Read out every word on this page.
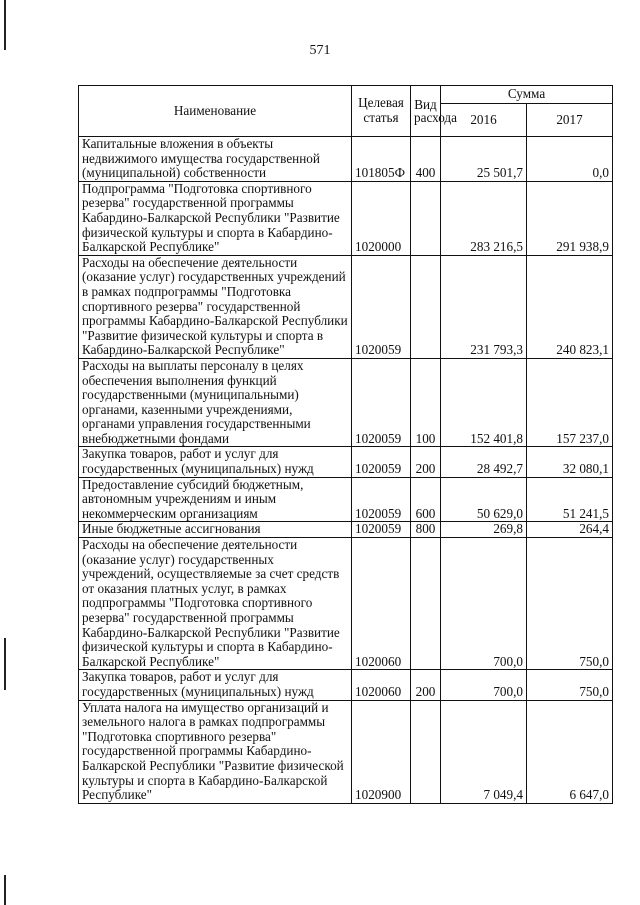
571
Наименование	Целевая статья	Вид расхода	Сумма	
			2016	2017
Капитальные вложения в объекты недвижимого имущества государственной (муниципальной) собственности	101805Ф	400	25 501,7	0,0
Подпрограмма "Подготовка спортивного резерва" государственной программы Кабардино-Балкарской Республики "Развитие физической культуры и спорта в Кабардино-Балкарской Республике"	1020000		283 216,5	291 938,9
Расходы на обеспечение деятельности (оказание услуг) государственных учреждений в рамках подпрограммы "Подготовка спортивного резерва" государственной программы Кабардино-Балкарской Республики "Развитие физической культуры и спорта в Кабардино-Балкарской Республике"	1020059		231 793,3	240 823,1
Расходы на выплаты персоналу в целях обеспечения выполнения функций государственными (муниципальными) органами, казенными учреждениями, органами управления государственными внебюджетными фондами	1020059	100	152 401,8	157 237,0
Закупка товаров, работ и услуг для государственных (муниципальных) нужд	1020059	200	28 492,7	32 080,1
Предоставление субсидий бюджетным, автономным учреждениям и иным некоммерческим организациям	1020059	600	50 629,0	51 241,5
Иные бюджетные ассигнования	1020059	800	269,8	264,4
Расходы на обеспечение деятельности (оказание услуг) государственных учреждений, осуществляемые за счет средств от оказания платных услуг, в рамках подпрограммы "Подготовка спортивного резерва" государственной программы Кабардино-Балкарской Республики "Развитие физической культуры и спорта в Кабардино-Балкарской Республике"	1020060		700,0	750,0
Закупка товаров, работ и услуг для государственных (муниципальных) нужд	1020060	200	700,0	750,0
Уплата налога на имущество организаций и земельного налога в рамках подпрограммы "Подготовка спортивного резерва" государственной программы Кабардино-Балкарской Республики "Развитие физической культуры и спорта в Кабардино-Балкарской Республике"	1020900		7 049,4	6 647,0
